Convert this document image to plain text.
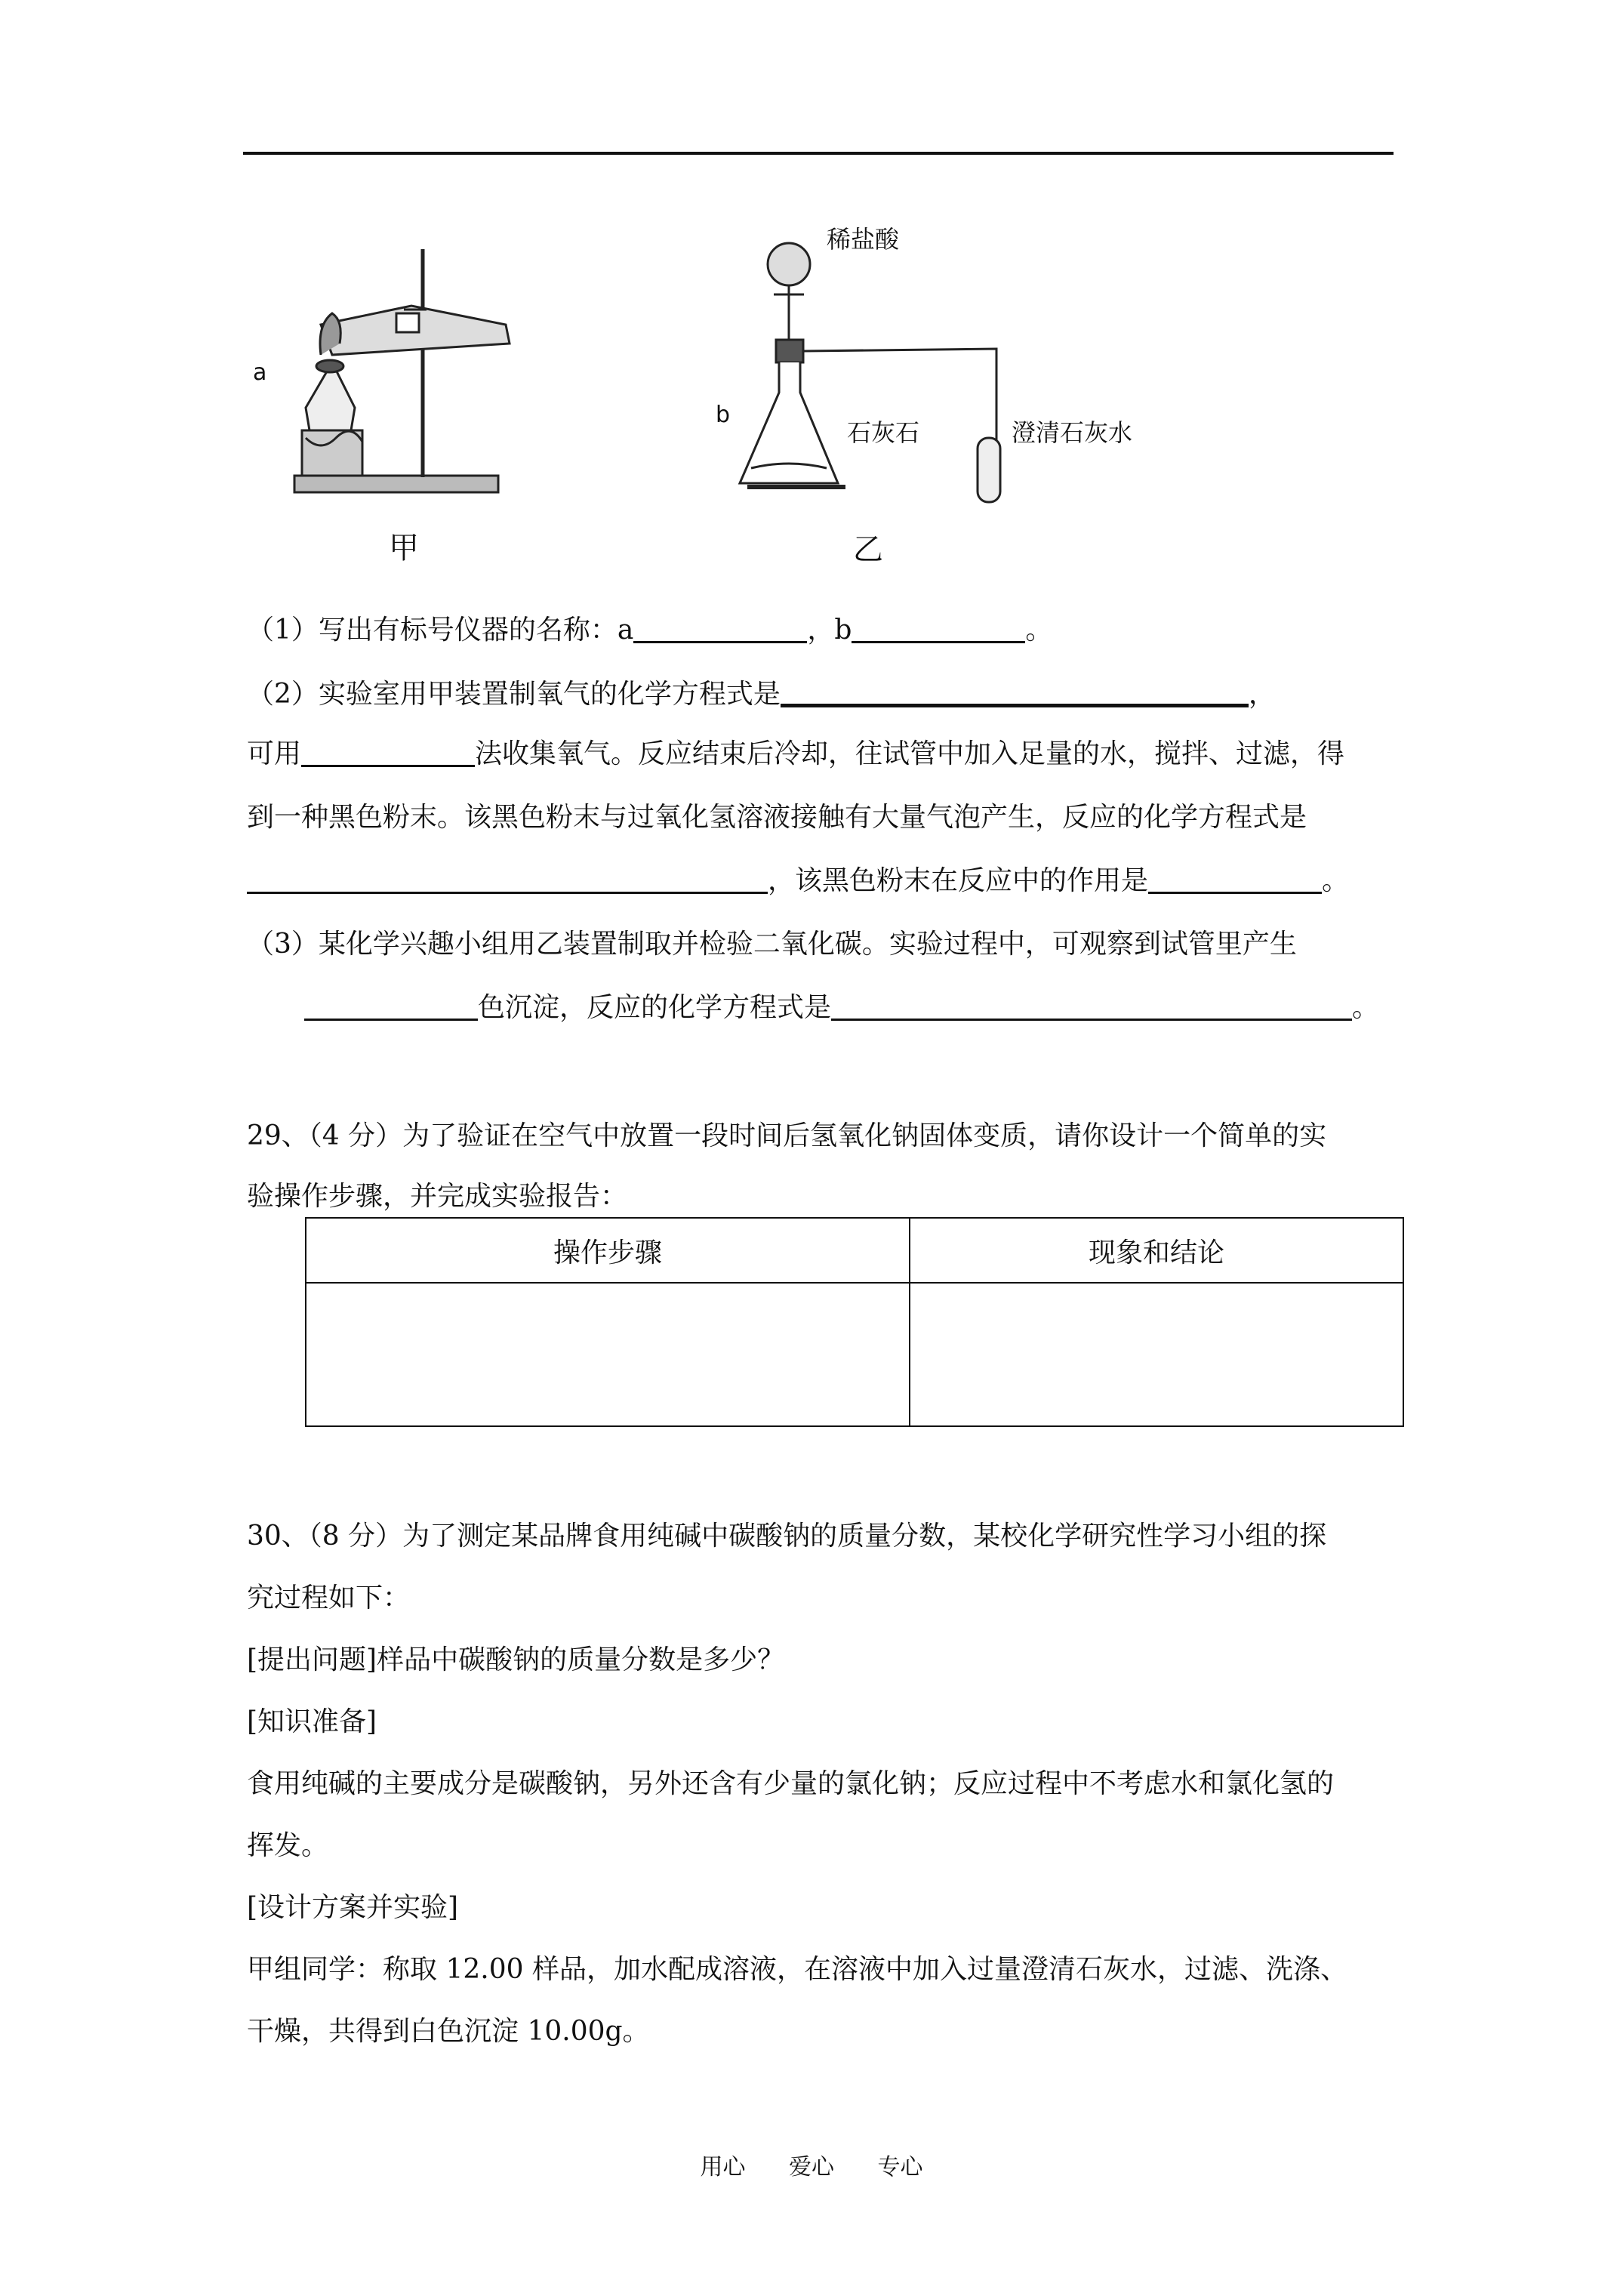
a
甲
稀盐酸
b
石灰石	澄清石灰水
乙
（1）写出有标号仪器的名称：a	，b	。
（2）实验室用甲装置制氧气的化学方程式是	，
可用	法收集氧气。反应结束后冷却，往试管中加入足量的水，搅拌、过滤，得
到一种黑色粉末。该黑色粉末与过氧化氢溶液接触有大量气泡产生，反应的化学方程式是
，该黑色粉末在反应中的作用是	。
（3）某化学兴趣小组用乙装置制取并检验二氧化碳。实验过程中，可观察到试管里产生
色沉淀，反应的化学方程式是	。
29、（4 分）为了验证在空气中放置一段时间后氢氧化钠固体变质，请你设计一个简单的实
验操作步骤，并完成实验报告：
操作步骤	现象和结论

30、（8 分）为了测定某品牌食用纯碱中碳酸钠的质量分数，某校化学研究性学习小组的探
究过程如下：
[提出问题]样品中碳酸钠的质量分数是多少？
[知识准备]
食用纯碱的主要成分是碳酸钠，另外还含有少量的氯化钠；反应过程中不考虑水和氯化氢的
挥发。
[设计方案并实验]
甲组同学：称取 12.00 样品，加水配成溶液，在溶液中加入过量澄清石灰水，过滤、洗涤、
干燥，共得到白色沉淀 10.00g。
用心 爱心 专心
